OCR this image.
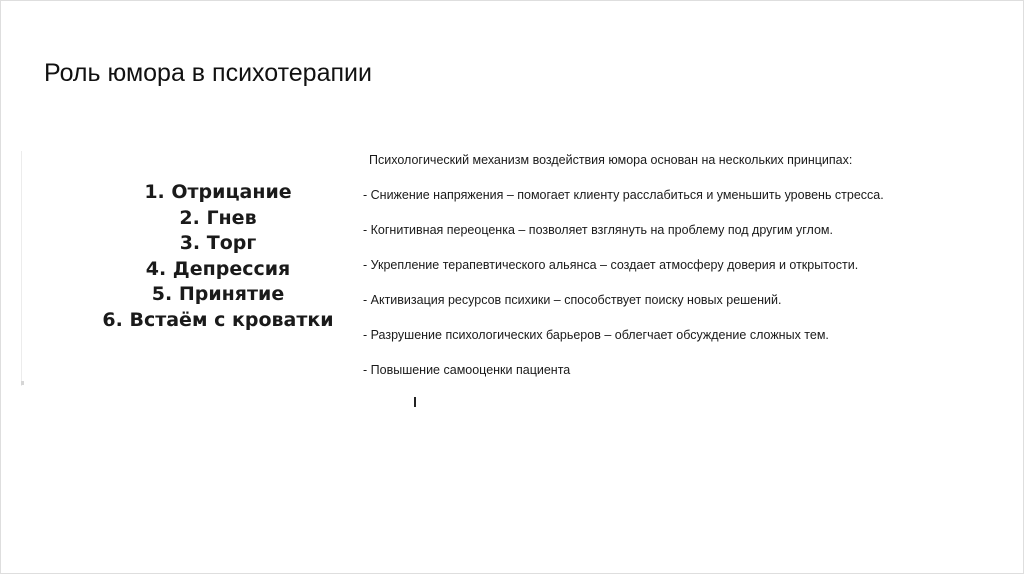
Роль юмора в психотерапии
1. Отрицание
2. Гнев
3. Торг
4. Депрессия
5. Принятие
6. Встаём с кроватки

Психологический механизм воздействия юмора основан на нескольких принципах:

- Снижение напряжения – помогает клиенту расслабиться и уменьшить уровень стресса.

- Когнитивная переоценка – позволяет взглянуть на проблему под другим углом.

- Укрепление терапевтического альянса – создает атмосферу доверия и открытости.

- Активизация ресурсов психики – способствует поиску новых решений.

- Разрушение психологических барьеров – облегчает обсуждение сложных тем.

- Повышение самооценки пациента
